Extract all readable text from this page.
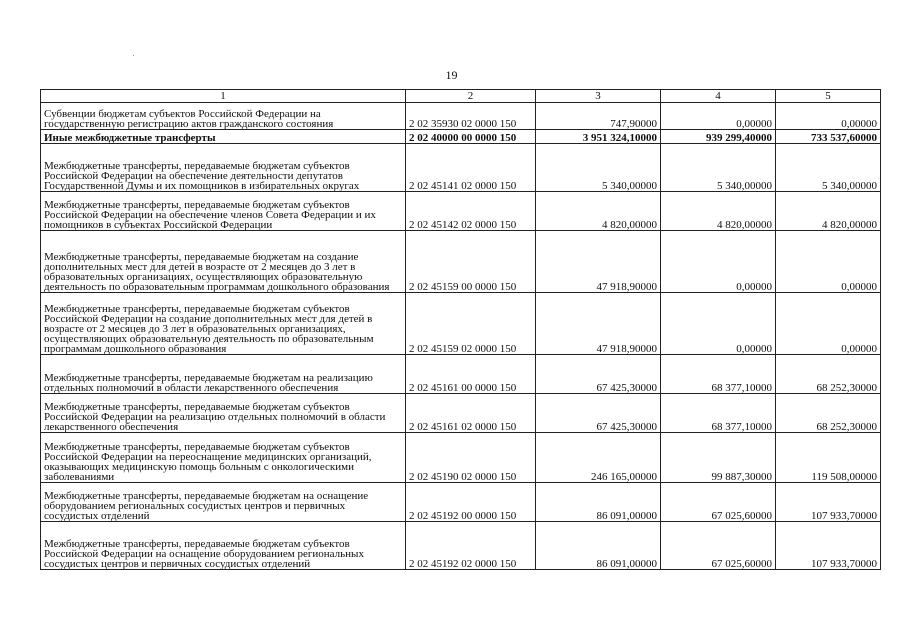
19
1	2	3	4	5
Субвенции бюджетам субъектов Российской Федерации на государственную регистрацию актов гражданского состояния	2 02 35930 02 0000 150	747,90000	0,00000	0,00000
Иные межбюджетные трансферты	2 02 40000 00 0000 150	3 951 324,10000	939 299,40000	733 537,60000
Межбюджетные трансферты, передаваемые бюджетам субъектов Российской Федерации на обеспечение деятельности депутатов Государственной Думы и их помощников в избирательных округах	2 02 45141 02 0000 150	5 340,00000	5 340,00000	5 340,00000
Межбюджетные трансферты, передаваемые бюджетам субъектов Российской Федерации на обеспечение членов Совета Федерации и их помощников в субъектах Российской Федерации	2 02 45142 02 0000 150	4 820,00000	4 820,00000	4 820,00000
Межбюджетные трансферты, передаваемые бюджетам на создание дополнительных мест для детей в возрасте от 2 месяцев до 3 лет в образовательных организациях, осуществляющих образовательную деятельность по образовательным программам дошкольного образования	2 02 45159 00 0000 150	47 918,90000	0,00000	0,00000
Межбюджетные трансферты, передаваемые бюджетам субъектов Российской Федерации на создание дополнительных мест для детей в возрасте от 2 месяцев до 3 лет в образовательных организациях, осуществляющих образовательную деятельность по образовательным программам дошкольного образования	2 02 45159 02 0000 150	47 918,90000	0,00000	0,00000
Межбюджетные трансферты, передаваемые бюджетам на реализацию отдельных полномочий в области лекарственного обеспечения	2 02 45161 00 0000 150	67 425,30000	68 377,10000	68 252,30000
Межбюджетные трансферты, передаваемые бюджетам субъектов Российской Федерации на реализацию отдельных полномочий в области лекарственного обеспечения	2 02 45161 02 0000 150	67 425,30000	68 377,10000	68 252,30000
Межбюджетные трансферты, передаваемые бюджетам субъектов Российской Федерации на переоснащение медицинских организаций, оказывающих медицинскую помощь больным с онкологическими заболеваниями	2 02 45190 02 0000 150	246 165,00000	99 887,30000	119 508,00000
Межбюджетные трансферты, передаваемые бюджетам на оснащение оборудованием региональных сосудистых центров и первичных сосудистых отделений	2 02 45192 00 0000 150	86 091,00000	67 025,60000	107 933,70000
Межбюджетные трансферты, передаваемые бюджетам субъектов Российской Федерации на оснащение оборудованием региональных сосудистых центров и первичных сосудистых отделений	2 02 45192 02 0000 150	86 091,00000	67 025,60000	107 933,70000
